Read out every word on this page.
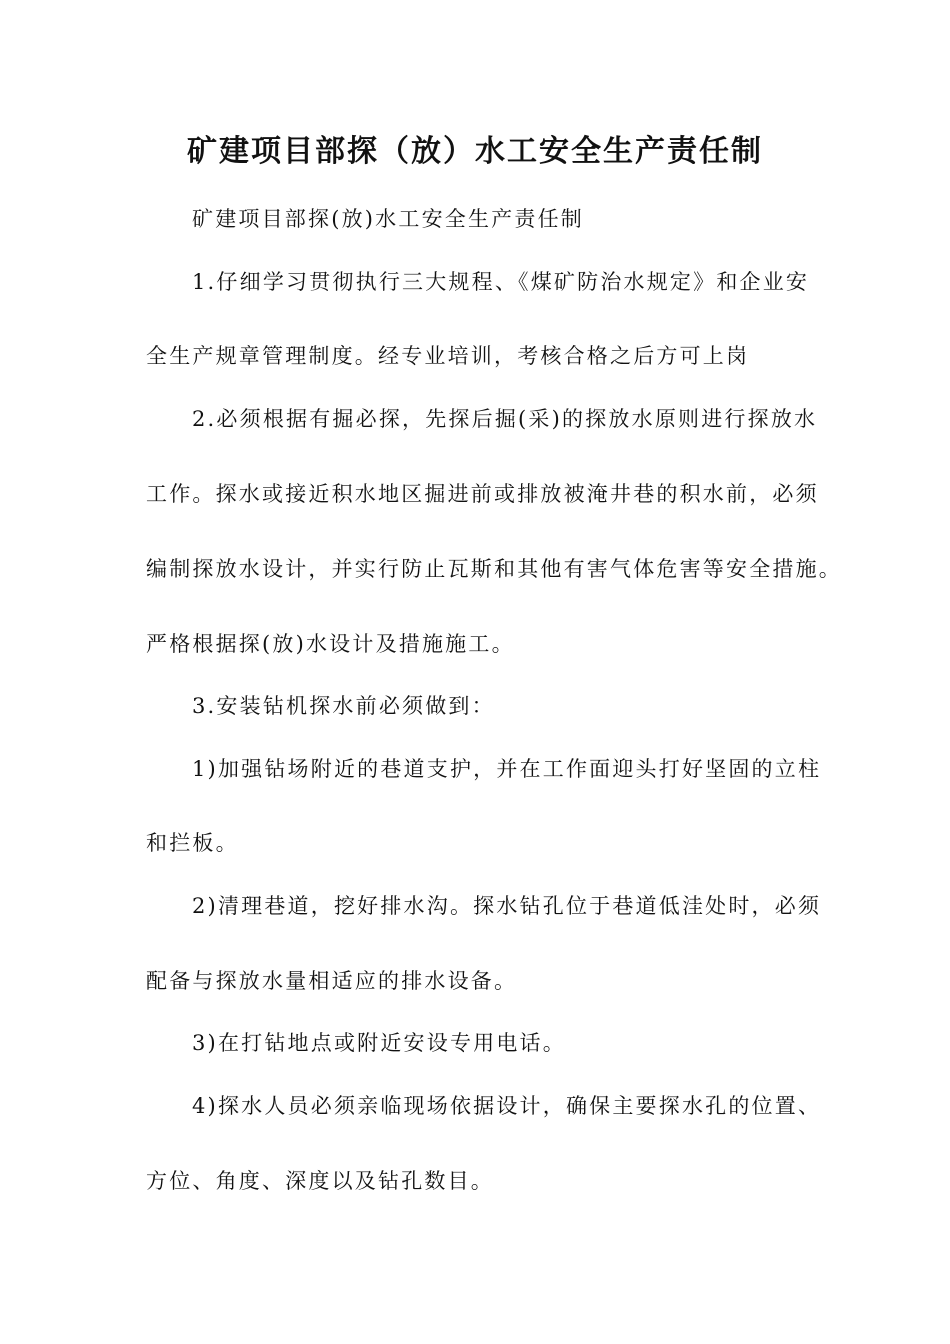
矿建项目部探（放）水工安全生产责任制
矿建项目部探(放)水工安全生产责任制
1.仔细学习贯彻执行三大规程、《煤矿防治水规定》和企业安
全生产规章管理制度。经专业培训，考核合格之后方可上岗
2.必须根据有掘必探，先探后掘(采)的探放水原则进行探放水
工作。探水或接近积水地区掘进前或排放被淹井巷的积水前，必须
编制探放水设计，并实行防止瓦斯和其他有害气体危害等安全措施。
严格根据探(放)水设计及措施施工。
3.安装钻机探水前必须做到：
1)加强钻场附近的巷道支护，并在工作面迎头打好坚固的立柱
和拦板。
2)清理巷道，挖好排水沟。探水钻孔位于巷道低洼处时，必须
配备与探放水量相适应的排水设备。
3)在打钻地点或附近安设专用电话。
4)探水人员必须亲临现场依据设计，确保主要探水孔的位置、
方位、角度、深度以及钻孔数目。
